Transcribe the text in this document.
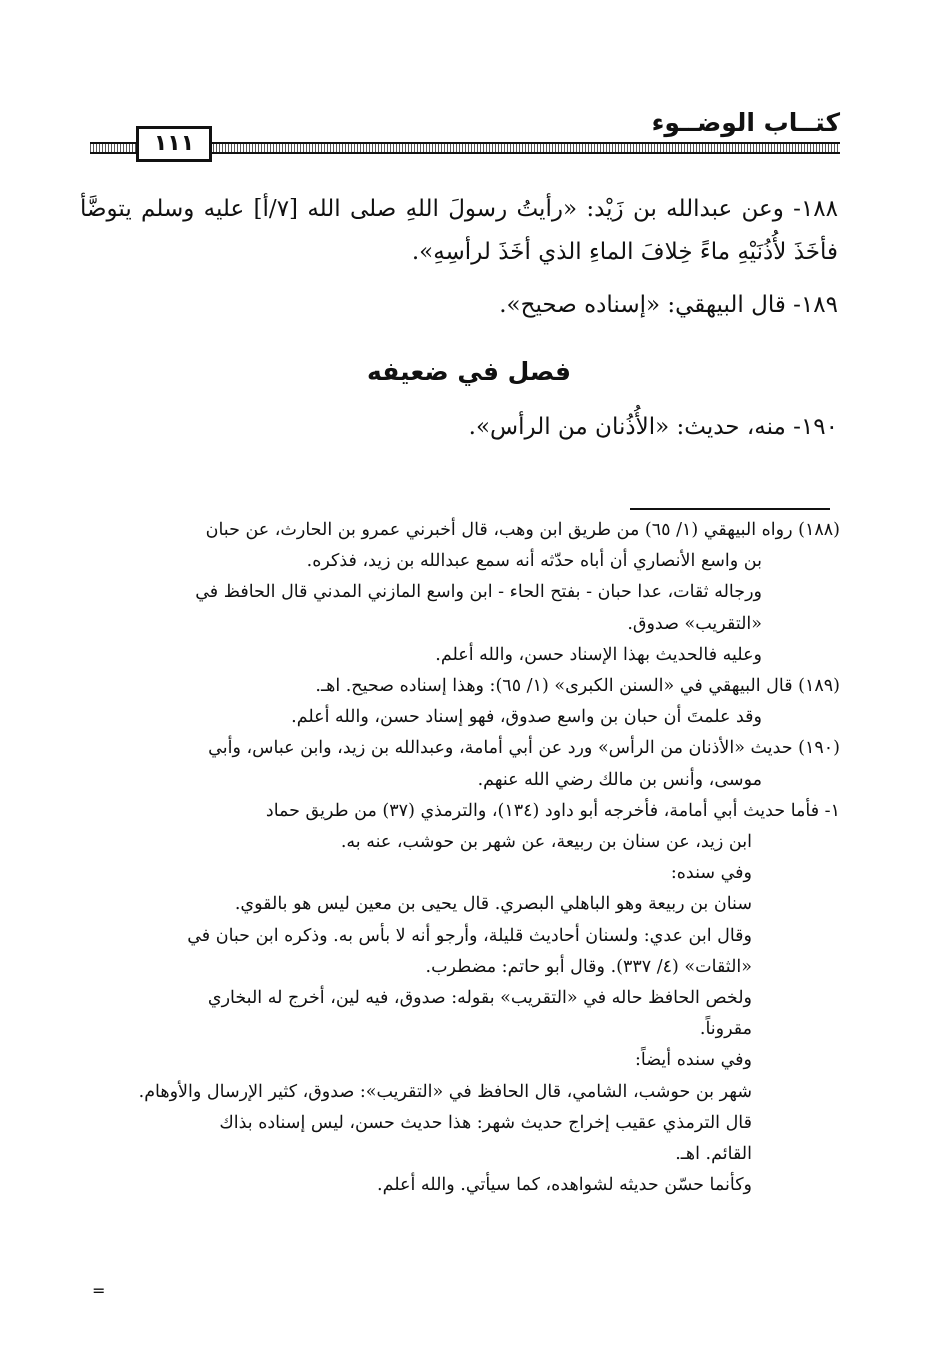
كتــاب الوضــوء
١١١

١٨٨- وعن عبدالله بن زَيْد: «رأيتُ رسولَ اللهِ صلى الله [٧/أ] عليه وسلم يتوضَّأ فأخَذَ لأُذُنَيْهِ ماءً خِلافَ الماءِ الذي أخَذَ لرأسِهِ».

١٨٩- قال البيهقي: «إسناده صحيح».

فصل في ضعيفه

١٩٠- منه، حديث: «الأُذُنان من الرأس».

(١٨٨) رواه البيهقي (١/ ٦٥) من طريق ابن وهب، قال أخبرني عمرو بن الحارث، عن حبان

بن واسع الأنصاري أن أباه حدّثه أنه سمع عبدالله بن زيد، فذكره.

ورجاله ثقات، عدا حبان - بفتح الحاء - ابن واسع المازني المدني قال الحافظ في

«التقريب» صدوق.

وعليه فالحديث بهذا الإسناد حسن، والله أعلم.

(١٨٩) قال البيهقي في «السنن الكبرى» (١/ ٦٥): وهذا إسناده صحيح. اهـ.

وقد علمتَ أن حبان بن واسع صدوق، فهو إسناد حسن، والله أعلم.

(١٩٠) حديث «الأذنان من الرأس» ورد عن أبي أمامة، وعبدالله بن زيد، وابن عباس، وأبي

موسى، وأنس بن مالك رضي الله عنهم.

١- فأما حديث أبي أمامة، فأخرجه أبو داود (١٣٤)، والترمذي (٣٧) من طريق حماد

ابن زيد، عن سنان بن ربيعة، عن شهر بن حوشب، عنه به.

وفي سنده:

سنان بن ربيعة وهو الباهلي البصري. قال يحيى بن معين ليس هو بالقوي.

وقال ابن عدي: ولسنان أحاديث قليلة، وأرجو أنه لا بأس به. وذكره ابن حبان في

«الثقات» (٤/ ٣٣٧). وقال أبو حاتم: مضطرب.

ولخص الحافظ حاله في «التقريب» بقوله: صدوق، فيه لين، أخرج له البخاري

مقروناً.

وفي سنده أيضاً:

شهر بن حوشب، الشامي، قال الحافظ في «التقريب»: صدوق، كثير الإرسال والأوهام.

قال الترمذي عقيب إخراج حديث شهر: هذا حديث حسن، ليس إسناده بذاك

القائم. اهـ.

وكأنما حسّن حديثه لشواهده، كما سيأتي. والله أعلم.

=
